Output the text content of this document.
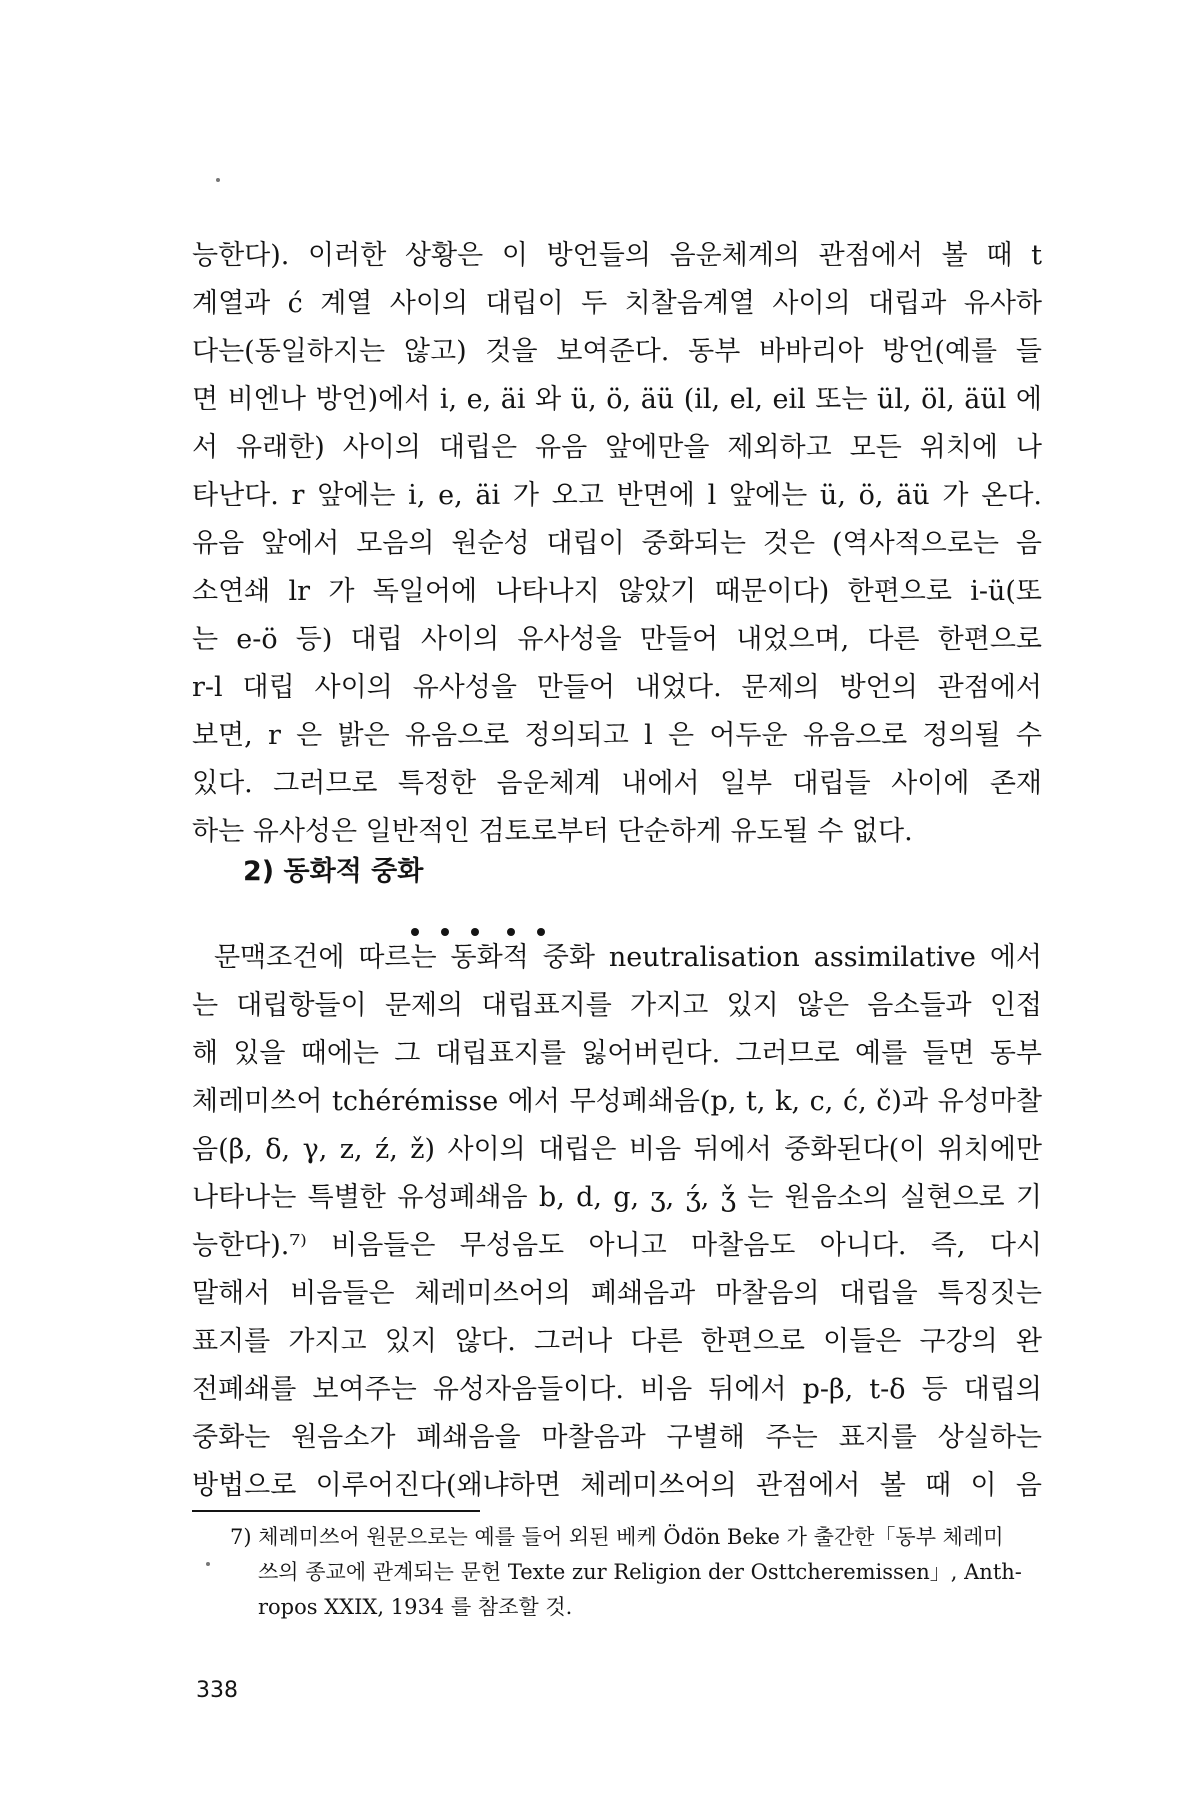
능한다). 이러한 상황은 이 방언들의 음운체계의 관점에서 볼 때 t
계열과 ć 계열 사이의 대립이 두 치찰음계열 사이의 대립과 유사하
다는(동일하지는 않고) 것을 보여준다. 동부 바바리아 방언(예를 들
면 비엔나 방언)에서 i, e, äi 와 ü, ö, äü (il, el, eil 또는 ül, öl, äül 에
서 유래한) 사이의 대립은 유음 앞에만을 제외하고 모든 위치에 나
타난다. r 앞에는 i, e, äi 가 오고 반면에 l 앞에는 ü, ö, äü 가 온다.
유음 앞에서 모음의 원순성 대립이 중화되는 것은 (역사적으로는 음
소연쇄 lr 가 독일어에 나타나지 않았기 때문이다) 한편으로 i-ü(또
는 e-ö 등) 대립 사이의 유사성을 만들어 내었으며, 다른 한편으로
r-l 대립 사이의 유사성을 만들어 내었다. 문제의 방언의 관점에서
보면, r 은 밝은 유음으로 정의되고 l 은 어두운 유음으로 정의될 수
있다. 그러므로 특정한 음운체계 내에서 일부 대립들 사이에 존재
하는 유사성은 일반적인 검토로부터 단순하게 유도될 수 없다.
2) 동화적 중화
문맥조건에 따르는 동화적 중화 neutralisation assimilative 에서
는 대립항들이 문제의 대립표지를 가지고 있지 않은 음소들과 인접
해 있을 때에는 그 대립표지를 잃어버린다. 그러므로 예를 들면 동부
체레미쓰어 tchérémisse 에서 무성폐쇄음(p, t, k, c, ć, č)과 유성마찰
음(β, δ, γ, z, ź, ž) 사이의 대립은 비음 뒤에서 중화된다(이 위치에만
나타나는 특별한 유성폐쇄음 b, d, g, ʒ, ʒ́, ǯ 는 원음소의 실현으로 기
능한다).⁷⁾ 비음들은 무성음도 아니고 마찰음도 아니다. 즉, 다시
말해서 비음들은 체레미쓰어의 폐쇄음과 마찰음의 대립을 특징짓는
표지를 가지고 있지 않다. 그러나 다른 한편으로 이들은 구강의 완
전폐쇄를 보여주는 유성자음들이다. 비음 뒤에서 p-β, t-δ 등 대립의
중화는 원음소가 폐쇄음을 마찰음과 구별해 주는 표지를 상실하는
방법으로 이루어진다(왜냐하면 체레미쓰어의 관점에서 볼 때 이 음
7) 체레미쓰어 원문으로는 예를 들어 외된 베케 Ödön Beke 가 출간한「동부 체레미
쓰의 종교에 관계되는 문헌 Texte zur Religion der Osttcheremissen」, Anth-
ropos XXIX, 1934 를 참조할 것.
338
